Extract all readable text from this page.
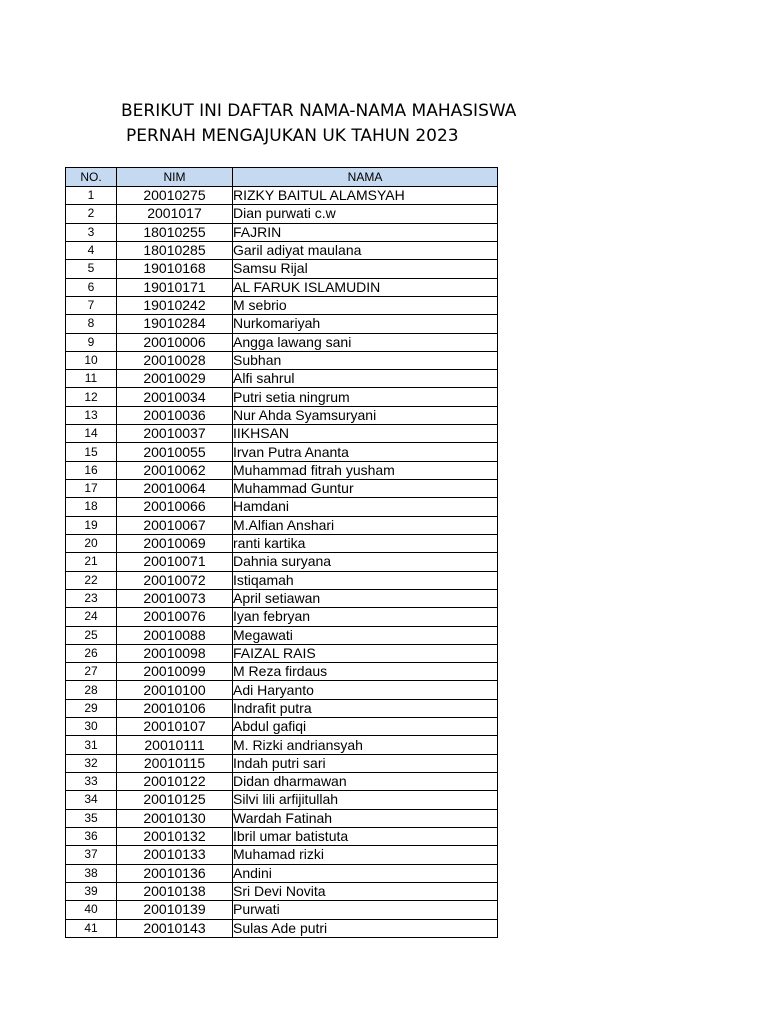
BERIKUT INI DAFTAR NAMA-NAMA MAHASISWA
PERNAH MENGAJUKAN UK TAHUN 2023
NO.	NIM	NAMA
1	20010275	RIZKY BAITUL ALAMSYAH
2	2001017	Dian purwati c.w
3	18010255	FAJRIN
4	18010285	Garil adiyat maulana
5	19010168	Samsu Rijal
6	19010171	AL FARUK ISLAMUDIN
7	19010242	M sebrio
8	19010284	Nurkomariyah
9	20010006	Angga lawang sani
10	20010028	Subhan
11	20010029	Alfi sahrul
12	20010034	Putri setia ningrum
13	20010036	Nur Ahda Syamsuryani
14	20010037	IIKHSAN
15	20010055	Irvan Putra Ananta
16	20010062	Muhammad fitrah yusham
17	20010064	Muhammad Guntur
18	20010066	Hamdani
19	20010067	M.Alfian Anshari
20	20010069	ranti kartika
21	20010071	Dahnia suryana
22	20010072	Istiqamah
23	20010073	April setiawan
24	20010076	Iyan febryan
25	20010088	Megawati
26	20010098	FAIZAL RAIS
27	20010099	M Reza firdaus
28	20010100	Adi Haryanto
29	20010106	Indrafit putra
30	20010107	Abdul gafiqi
31	20010111	M. Rizki andriansyah
32	20010115	Indah putri sari
33	20010122	Didan dharmawan
34	20010125	Silvi lili arfijitullah
35	20010130	Wardah Fatinah
36	20010132	Ibril umar batistuta
37	20010133	Muhamad rizki
38	20010136	Andini
39	20010138	Sri Devi Novita
40	20010139	Purwati
41	20010143	Sulas Ade putri
